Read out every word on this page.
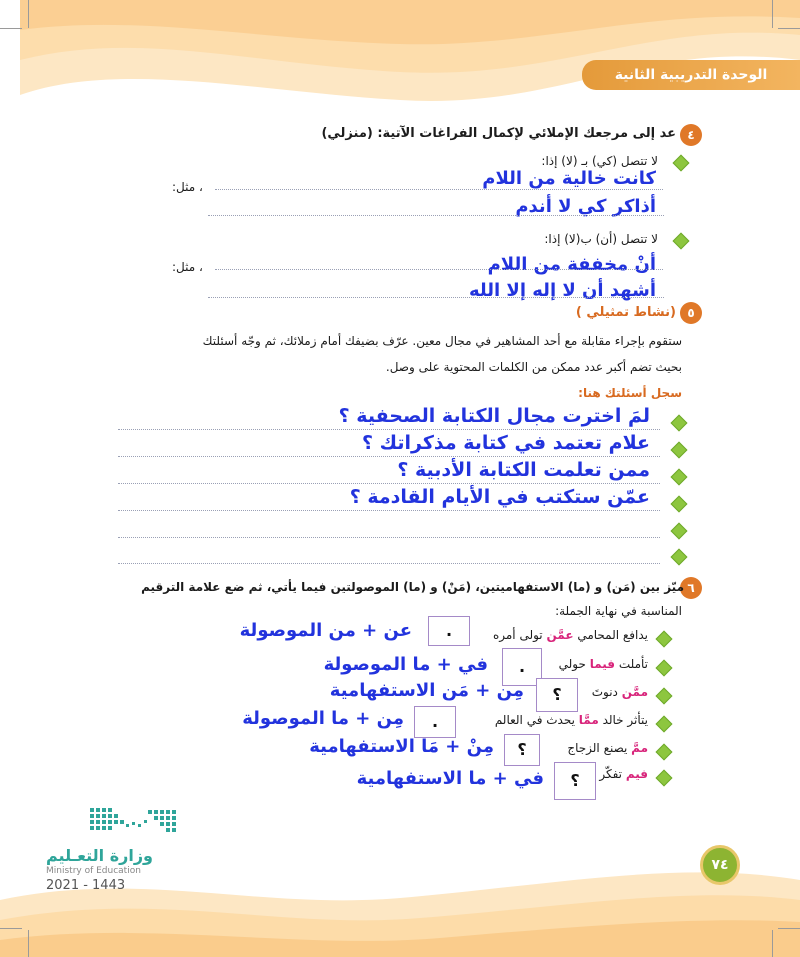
الوحدة التدريبية الثانية
٤
عد إلى مرجعك الإملائي لإكمال الفراغات الآتية: (منزلي)
لا تتصل (كي) بـ (لا) إذا:
كانت خالية من اللام
، مثل:
أذاكر كي لا أندم
لا تتصل (أن) ب(لا) إذا:
أنْ مخففة من اللام
، مثل:
أشهد أن لا إله إلا الله
٥
(نشاط تمثيلي )
ستقوم بإجراء مقابلة مع أحد المشاهير في مجال معين. عرّف بضيفك أمام زملائك، ثم وجّه أسئلتك
بحيث تضم أكبر عدد ممكن من الكلمات المحتوية على وصل.
سجل أسئلتك هنا:
لمَ اخترت مجال الكتابة الصحفية ؟
علام تعتمد في كتابة مذكراتك ؟
ممن تعلمت الكتابة الأدبية ؟
عمّن ستكتب في الأيام القادمة ؟
٦
ميّز بين (مَن) و (ما) الاستفهاميتين، (مَنْ) و (ما) الموصولتين فيما يأتي، ثم ضع علامة الترقيم
المناسبة في نهاية الجملة:
يدافع المحامي عمَّن تولى أمره
.
عن + من الموصولة
تأملت فيما حولي
.
في + ما الموصولة
ممَّن دنوتَ
؟
مِن + مَن الاستفهامية
يتأثر خالد ممَّا يحدث في العالم
.
مِن + ما الموصولة
ممَّ يصنع الزجاج
؟
مِنْ + مَا الاستفهامية
فيم تفكّر
؟
في + ما الاستفهامية
وزارة التعـليم
Ministry of Education
2021 - 1443
٧٤
